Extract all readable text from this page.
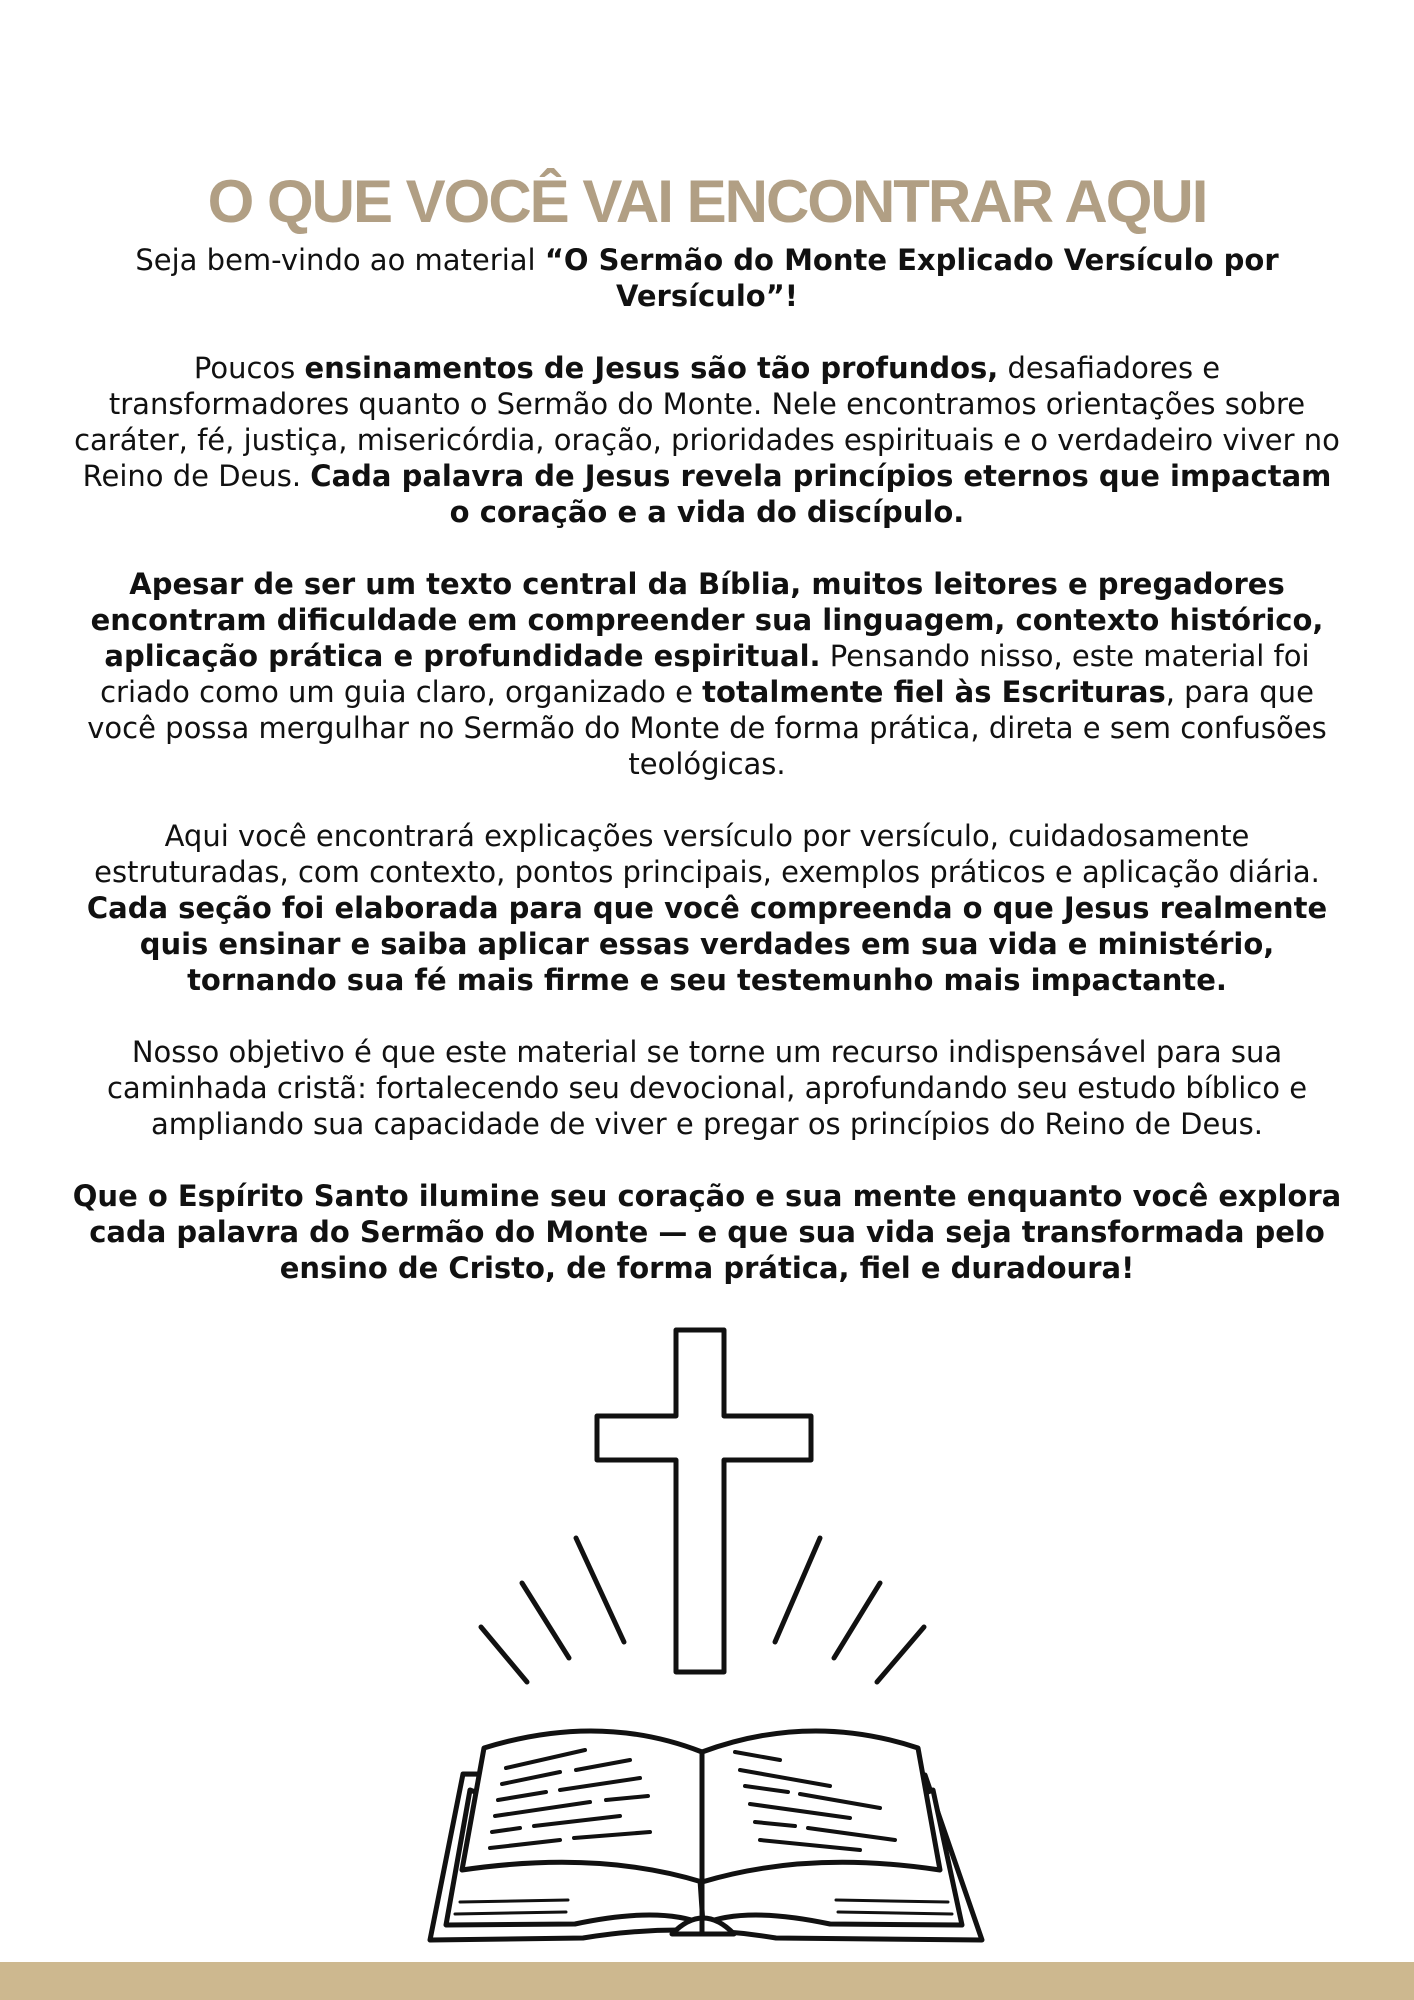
O QUE VOCÊ VAI ENCONTRAR AQUI

Seja bem-vindo ao material “O Sermão do Monte Explicado Versículo por Versículo”!

Poucos ensinamentos de Jesus são tão profundos, desafiadores e transformadores quanto o Sermão do Monte. Nele encontramos orientações sobre caráter, fé, justiça, misericórdia, oração, prioridades espirituais e o verdadeiro viver no Reino de Deus. Cada palavra de Jesus revela princípios eternos que impactam o coração e a vida do discípulo.

Apesar de ser um texto central da Bíblia, muitos leitores e pregadores encontram dificuldade em compreender sua linguagem, contexto histórico, aplicação prática e profundidade espiritual. Pensando nisso, este material foi criado como um guia claro, organizado e totalmente fiel às Escrituras, para que você possa mergulhar no Sermão do Monte de forma prática, direta e sem confusões teológicas.

Aqui você encontrará explicações versículo por versículo, cuidadosamente estruturadas, com contexto, pontos principais, exemplos práticos e aplicação diária. Cada seção foi elaborada para que você compreenda o que Jesus realmente quis ensinar e saiba aplicar essas verdades em sua vida e ministério, tornando sua fé mais firme e seu testemunho mais impactante.

Nosso objetivo é que este material se torne um recurso indispensável para sua caminhada cristã: fortalecendo seu devocional, aprofundando seu estudo bíblico e ampliando sua capacidade de viver e pregar os princípios do Reino de Deus.

Que o Espírito Santo ilumine seu coração e sua mente enquanto você explora cada palavra do Sermão do Monte — e que sua vida seja transformada pelo ensino de Cristo, de forma prática, fiel e duradoura!
